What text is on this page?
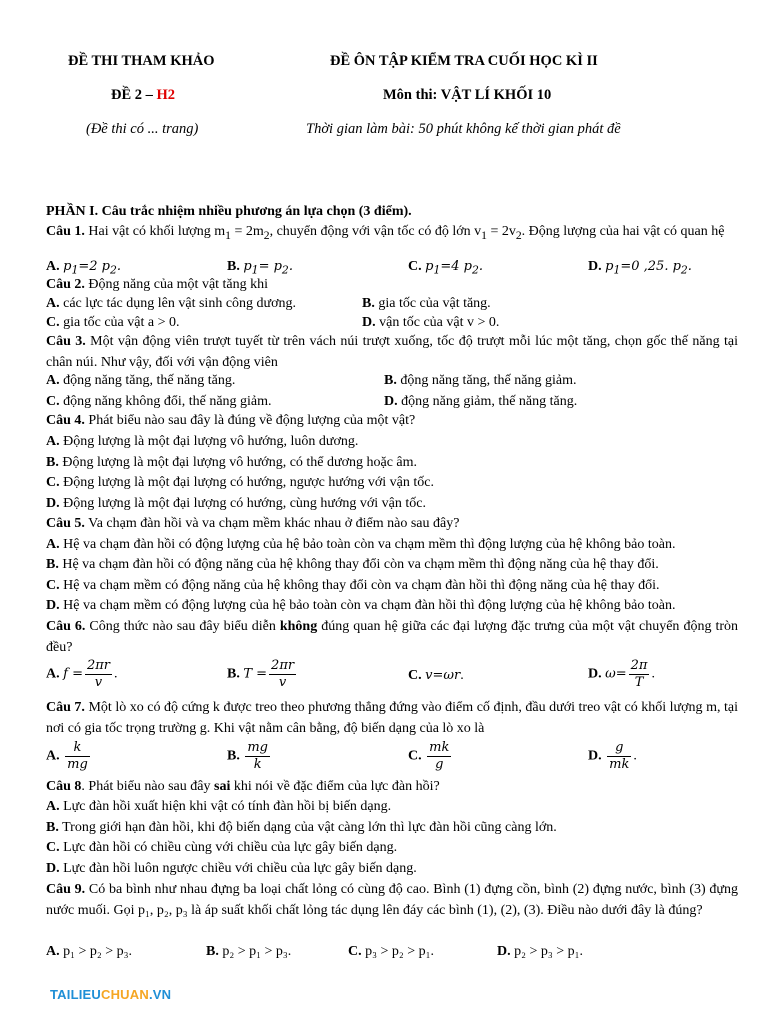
ĐỀ THI THAM KHẢO	ĐỀ ÔN TẬP KIỂM TRA CUỐI HỌC KÌ II
ĐỀ 2 – H2	Môn thi: VẬT LÍ KHỐI 10
(Đề thi có ... trang)	Thời gian làm bài: 50 phút không kế thời gian phát đề
PHẦN I. Câu trắc nhiệm nhiều phương án lựa chọn (3 điểm).
Câu 1. Hai vật có khối lượng $m_1 = 2m_2$, chuyển động với vận tốc có độ lớn $v_1 = 2v_2$. Động lượng của hai vật có quan hệ
A. $p_1=2$ $p_2$.	B. $p_1= p_2$.	C. $p_1=4$ $p_2$.	D. $p_1=0$ ,25. $p_2$.
Câu 2. Động năng của một vật tăng khi
A. các lực tác dụng lên vật sinh công dương.	B. gia tốc của vật tăng.
C. gia tốc của vật a > 0.	D. vận tốc của vật v > 0.
Câu 3. Một vận động viên trượt tuyết từ trên vách núi trượt xuống, tốc độ trượt mỗi lúc một tăng, chọn gốc thế năng tại chân núi. Như vậy, đối với vận động viên
A. động năng tăng, thế năng tăng.	B. động năng tăng, thế năng giảm.
C. động năng không đổi, thế năng giảm.	D. động năng giảm, thế năng tăng.
Câu 4. Phát biểu nào sau đây là đúng về động lượng của một vật?
A. Động lượng là một đại lượng vô hướng, luôn dương.
B. Động lượng là một đại lượng vô hướng, có thể dương hoặc âm.
C. Động lượng là một đại lượng có hướng, ngược hướng với vận tốc.
D. Động lượng là một đại lượng có hướng, cùng hướng với vận tốc.
Câu 5. Va chạm đàn hồi và va chạm mềm khác nhau ở điểm nào sau đây?
A. Hệ va chạm đàn hồi có động lượng của hệ bảo toàn còn va chạm mềm thì động lượng của hệ không bảo toàn.
B. Hệ va chạm đàn hồi có động năng của hệ không thay đổi còn va chạm mềm thì động năng của hệ thay đổi.
C. Hệ va chạm mềm có động năng của hệ không thay đổi còn va chạm đàn hồi thì động năng của hệ thay đổi.
D. Hệ va chạm mềm có động lượng của hệ bảo toàn còn va chạm đàn hồi thì động lượng của hệ không bảo toàn.
Câu 6. Công thức nào sau đây biểu diễn không đúng quan hệ giữa các đại lượng đặc trưng của một vật chuyển động tròn đều?
A. $f = \frac{2\pi r}{v}$ .	B. $T = \frac{2\pi r}{v}$	C. v=ωr.	D. $\omega= \frac{2\pi}{T}$ .
Câu 7. Một lò xo có độ cứng k được treo theo phương thẳng đứng vào điểm cố định, đầu dưới treo vật có khối lượng m, tại nơi có gia tốc trọng trường g. Khi vật nằm cân bằng, độ biến dạng của lò xo là
A. $\frac{k}{mg}$	B. $\frac{mg}{k}$	C. $\frac{mk}{g}$	D. $\frac{g}{mk}$ .
Câu 8. Phát biểu nào sau đây sai khi nói về đặc điểm của lực đàn hồi?
A. Lực đàn hồi xuất hiện khi vật có tính đàn hồi bị biến dạng.
B. Trong giới hạn đàn hồi, khi độ biến dạng của vật càng lớn thì lực đàn hồi cũng càng lớn.
C. Lực đàn hồi có chiều cùng với chiều của lực gây biến dạng.
D. Lực đàn hồi luôn ngược chiều với chiều của lực gây biến dạng.
Câu 9. Có ba bình như nhau đựng ba loại chất lỏng có cùng độ cao. Bình (1) đựng cồn, bình (2) đựng nước, bình (3) đựng nước muối. Gọi p₁, p₂, p₃ là áp suất khối chất lỏng tác dụng lên đáy các bình (1), (2), (3). Điều nào dưới đây là đúng?
A. p₁ > p₂ > p₃.	B. p₂ > p₁ > p₃.	C. p₃ > p₂ > p₁.	D. p₂ > p₃ > p₁.
TAILIEUCHUAN.VN
